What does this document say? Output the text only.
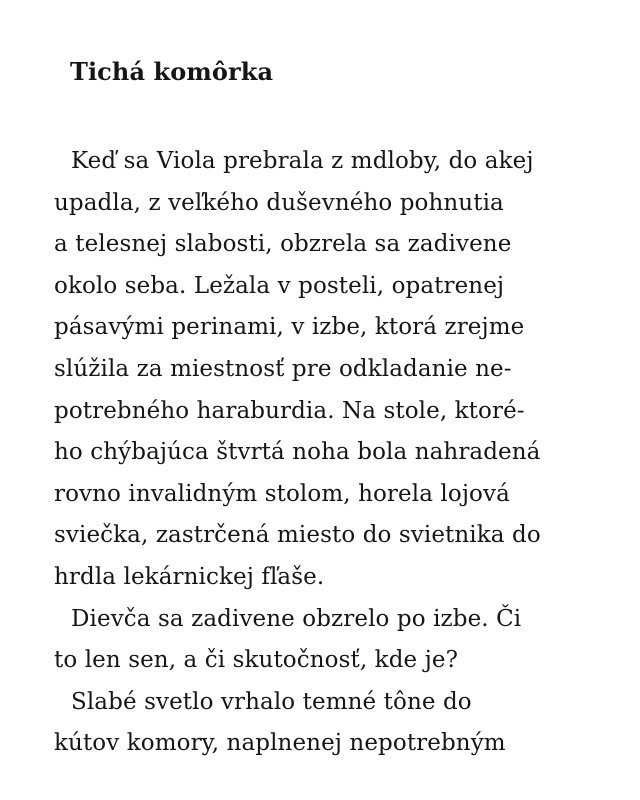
Tichá komôrka
Keď sa Viola prebrala z mdloby, do akej
upadla, z veľkého duševného pohnutia
a telesnej slabosti, obzrela sa zadivene
okolo seba. Ležala v posteli, opatrenej
pásavými perinami, v izbe, ktorá zrejme
slúžila za miestnosť pre odkladanie ne-
potrebného haraburdia. Na stole, ktoré-
ho chýbajúca štvrtá noha bola nahradená
rovno invalidným stolom, horela lojová
sviečka, zastrčená miesto do svietnika do
hrdla lekárnickej fľaše.
Dievča sa zadivene obzrelo po izbe. Či
to len sen, a či skutočnosť, kde je?
Slabé svetlo vrhalo temné tône do
kútov komory, naplnenej nepotrebným
